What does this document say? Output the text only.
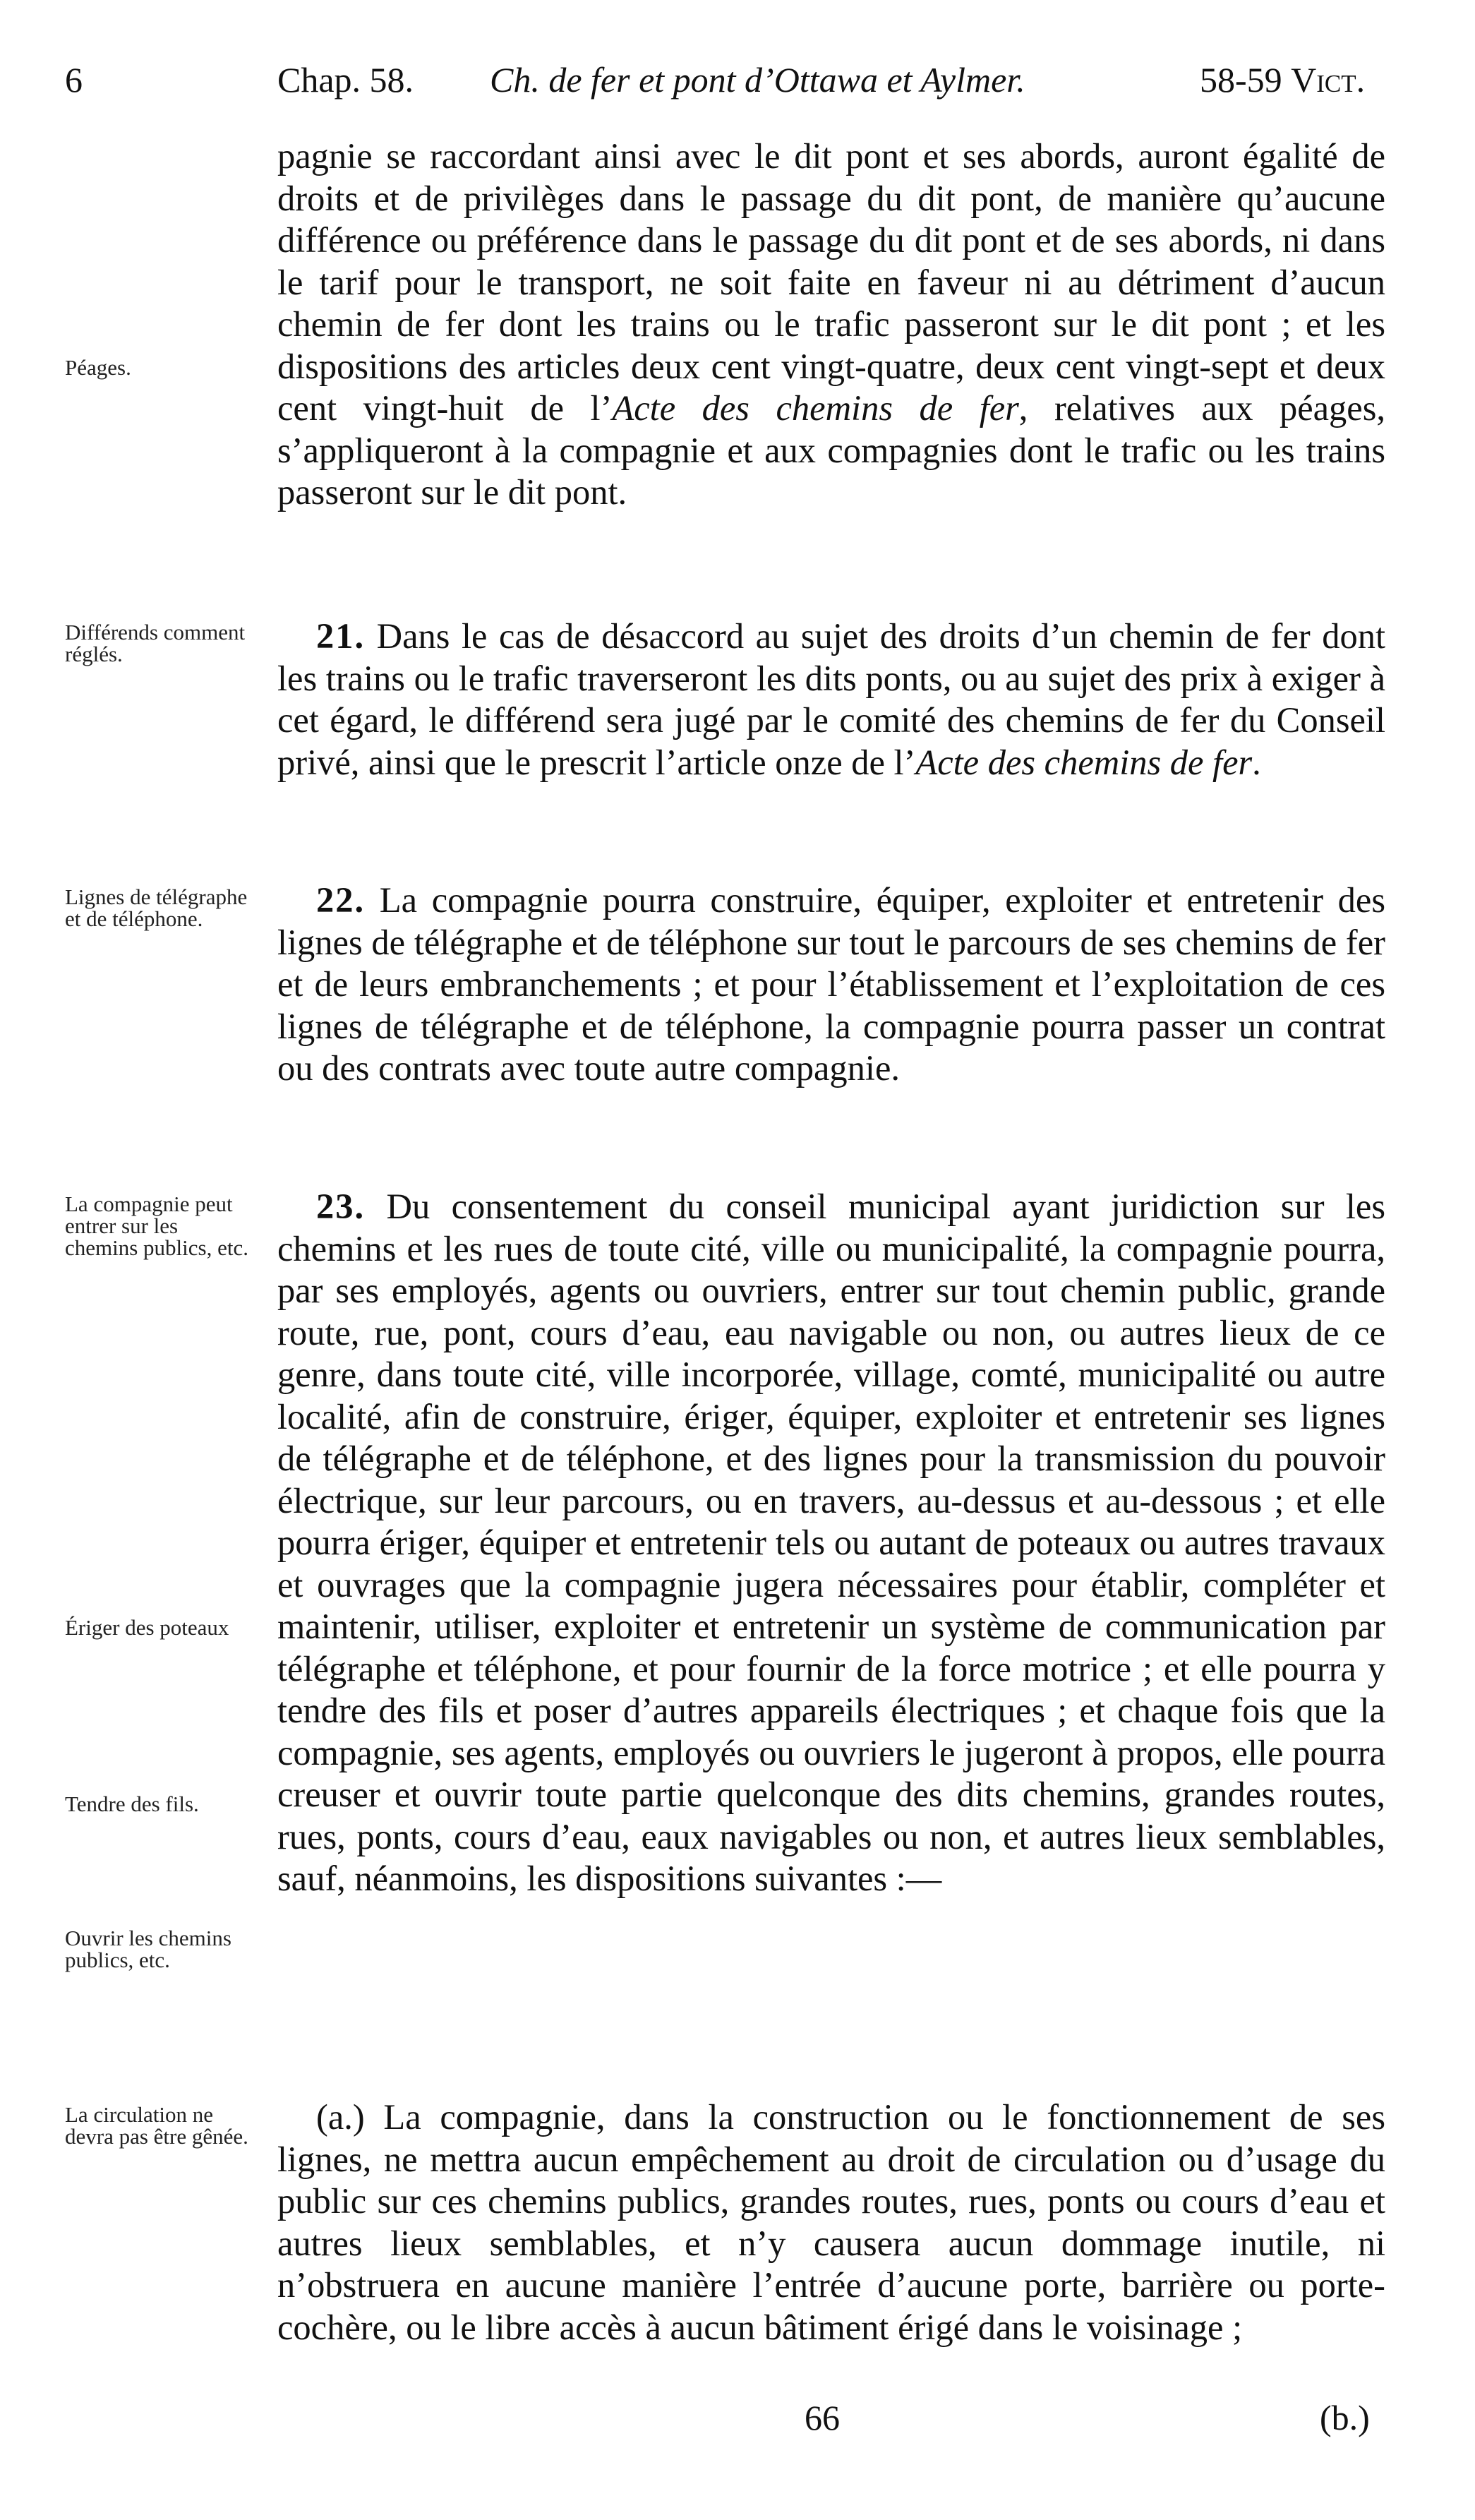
6	Chap. 58. Ch. de fer et pont d’Ottawa et Aylmer.	58-59 Vict.
Péages.
Différends comment réglés.
Lignes de télégraphe et de téléphone.
La compagnie peut entrer sur les chemins publics, etc.
Ériger des poteaux
Tendre des fils.
Ouvrir les chemins publics, etc.
La circulation ne devra pas être gênée.

pagnie se raccordant ainsi avec le dit pont et ses abords, auront égalité de droits et de privilèges dans le passage du dit pont, de manière qu’aucune différence ou préférence dans le passage du dit pont et de ses abords, ni dans le tarif pour le transport, ne soit faite en faveur ni au détriment d’aucun chemin de fer dont les trains ou le trafic passeront sur le dit pont ; et les dispositions des articles deux cent vingt-quatre, deux cent vingt-sept et deux cent vingt-huit de l’Acte des chemins de fer, relatives aux péages, s’appliqueront à la compagnie et aux compagnies dont le trafic ou les trains passeront sur le dit pont.

21. Dans le cas de désaccord au sujet des droits d’un chemin de fer dont les trains ou le trafic traverseront les dits ponts, ou au sujet des prix à exiger à cet égard, le différend sera jugé par le comité des chemins de fer du Conseil privé, ainsi que le prescrit l’article onze de l’Acte des chemins de fer.

22. La compagnie pourra construire, équiper, exploiter et entretenir des lignes de télégraphe et de téléphone sur tout le parcours de ses chemins de fer et de leurs embranchements ; et pour l’établissement et l’exploitation de ces lignes de télégraphe et de téléphone, la compagnie pourra passer un contrat ou des contrats avec toute autre compagnie.

23. Du consentement du conseil municipal ayant juridiction sur les chemins et les rues de toute cité, ville ou municipalité, la compagnie pourra, par ses employés, agents ou ouvriers, entrer sur tout chemin public, grande route, rue, pont, cours d’eau, eau navigable ou non, ou autres lieux de ce genre, dans toute cité, ville incorporée, village, comté, municipalité ou autre localité, afin de construire, ériger, équiper, exploiter et entretenir ses lignes de télégraphe et de téléphone, et des lignes pour la transmission du pouvoir électrique, sur leur parcours, ou en travers, au-dessus et au-dessous ; et elle pourra ériger, équiper et entretenir tels ou autant de poteaux ou autres travaux et ouvrages que la compagnie jugera nécessaires pour établir, compléter et maintenir, utiliser, exploiter et entretenir un système de communication par télégraphe et téléphone, et pour fournir de la force motrice ; et elle pourra y tendre des fils et poser d’autres appareils électriques ; et chaque fois que la compagnie, ses agents, employés ou ouvriers le jugeront à propos, elle pourra creuser et ouvrir toute partie quelconque des dits chemins, grandes routes, rues, ponts, cours d’eau, eaux navigables ou non, et autres lieux semblables, sauf, néanmoins, les dispositions suivantes :—

(a.) La compagnie, dans la construction ou le fonctionnement de ses lignes, ne mettra aucun empêchement au droit de circulation ou d’usage du public sur ces chemins publics, grandes routes, rues, ponts ou cours d’eau et autres lieux semblables, et n’y causera aucun dommage inutile, ni n’obstruera en aucune manière l’entrée d’aucune porte, barrière ou porte-cochère, ou le libre accès à aucun bâtiment érigé dans le voisinage ;

66	(b.)
